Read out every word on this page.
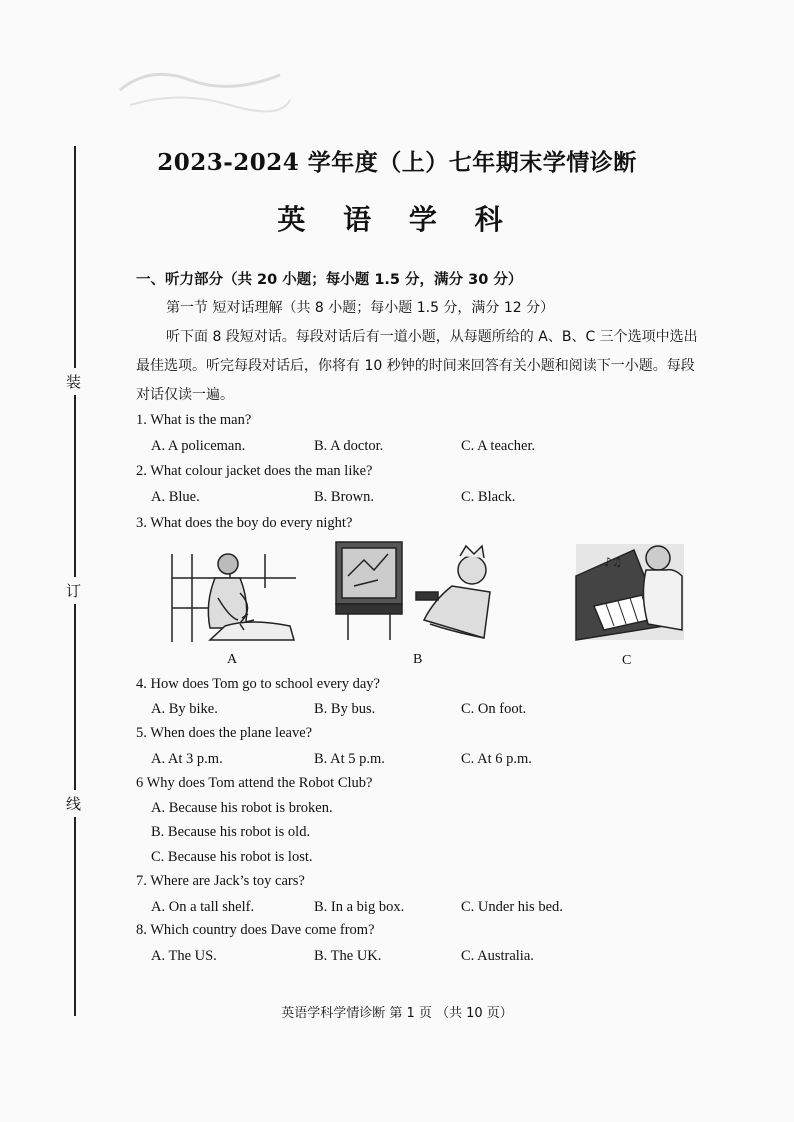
装
订
线
2023-2024 学年度（上）七年期末学情诊断
英 语 学 科
一、听力部分（共 20 小题；每小题 1.5 分，满分 30 分）
第一节 短对话理解（共 8 小题；每小题 1.5 分，满分 12 分）
听下面 8 段短对话。每段对话后有一道小题，从每题所给的 A、B、C 三个选项中选出
最佳选项。听完每段对话后，你将有 10 秒钟的时间来回答有关小题和阅读下一小题。每段
对话仅读一遍。
1. What is the man?
A. A policeman.	B. A doctor.	C. A teacher.
2. What colour jacket does the man like?
A. Blue.	B. Brown.	C. Black.
3. What does the boy do every night?
A	B
♪♫
C
4. How does Tom go to school every day?
A. By bike.	B. By bus.	C. On foot.
5. When does the plane leave?
A. At 3 p.m.	B. At 5 p.m.	C. At 6 p.m.
6 Why does Tom attend the Robot Club?
A. Because his robot is broken.
B. Because his robot is old.
C. Because his robot is lost.
7. Where are Jack’s toy cars?
A. On a tall shelf.	B. In a big box.	C. Under his bed.
8. Which country does Dave come from?
A. The US.	B. The UK.	C. Australia.
英语学科学情诊断 第 1 页 （共 10 页）
